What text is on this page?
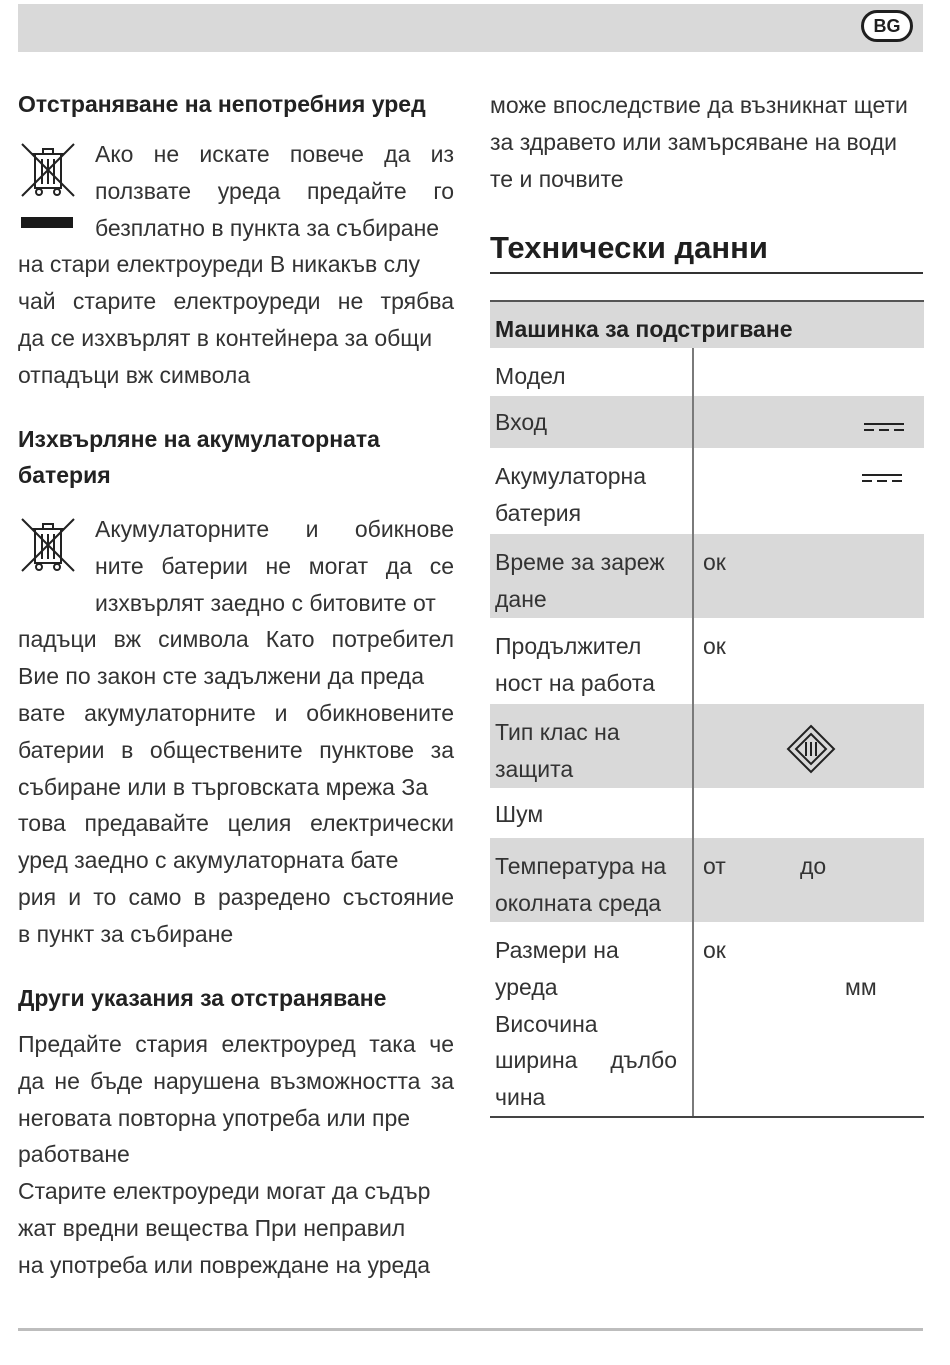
BG
Отстраняване на непотребния уред
Ако не искате повече да из
ползвате уреда предайте го
безплатно в пункта за събиране
на стари електроуреди В никакъв слу
чай старите електроуреди не трябва
да се изхвърлят в контейнера за общи
отпадъци вж символа
Изхвърляне на акумулаторната
батерия
Акумулаторните и обикнове
ните батерии не могат да се
изхвърлят заедно с битовите от
падъци вж символа Като потребител
Вие по закон сте задължени да преда
вате акумулаторните и обикновените
батерии в обществените пунктове за
събиране или в търговската мрежа За
това предавайте целия електрически
уред заедно с акумулаторната бате
рия и то само в разредено състояние
в пункт за събиране
Други указания за отстраняване
Предайте стария електроуред така че
да не бъде нарушена възможността за
неговата повторна употреба или пре
работване
Старите електроуреди могат да съдър
жат вредни вещества При неправил
на употреба или повреждане на уреда
може впоследствие да възникнат щети
за здравето или замърсяване на води
те и почвите
Технически данни
Машинка за подстригване
Модел
Вход
Акумулаторна
батерия
Време за зареж
дане
ок
Продължител
ност на работа
ок
Тип клас на
защита
Шум
Температура на
околната среда
от	до
Размери на
уреда
Височина
ширина дълбо
чина
ок
мм
